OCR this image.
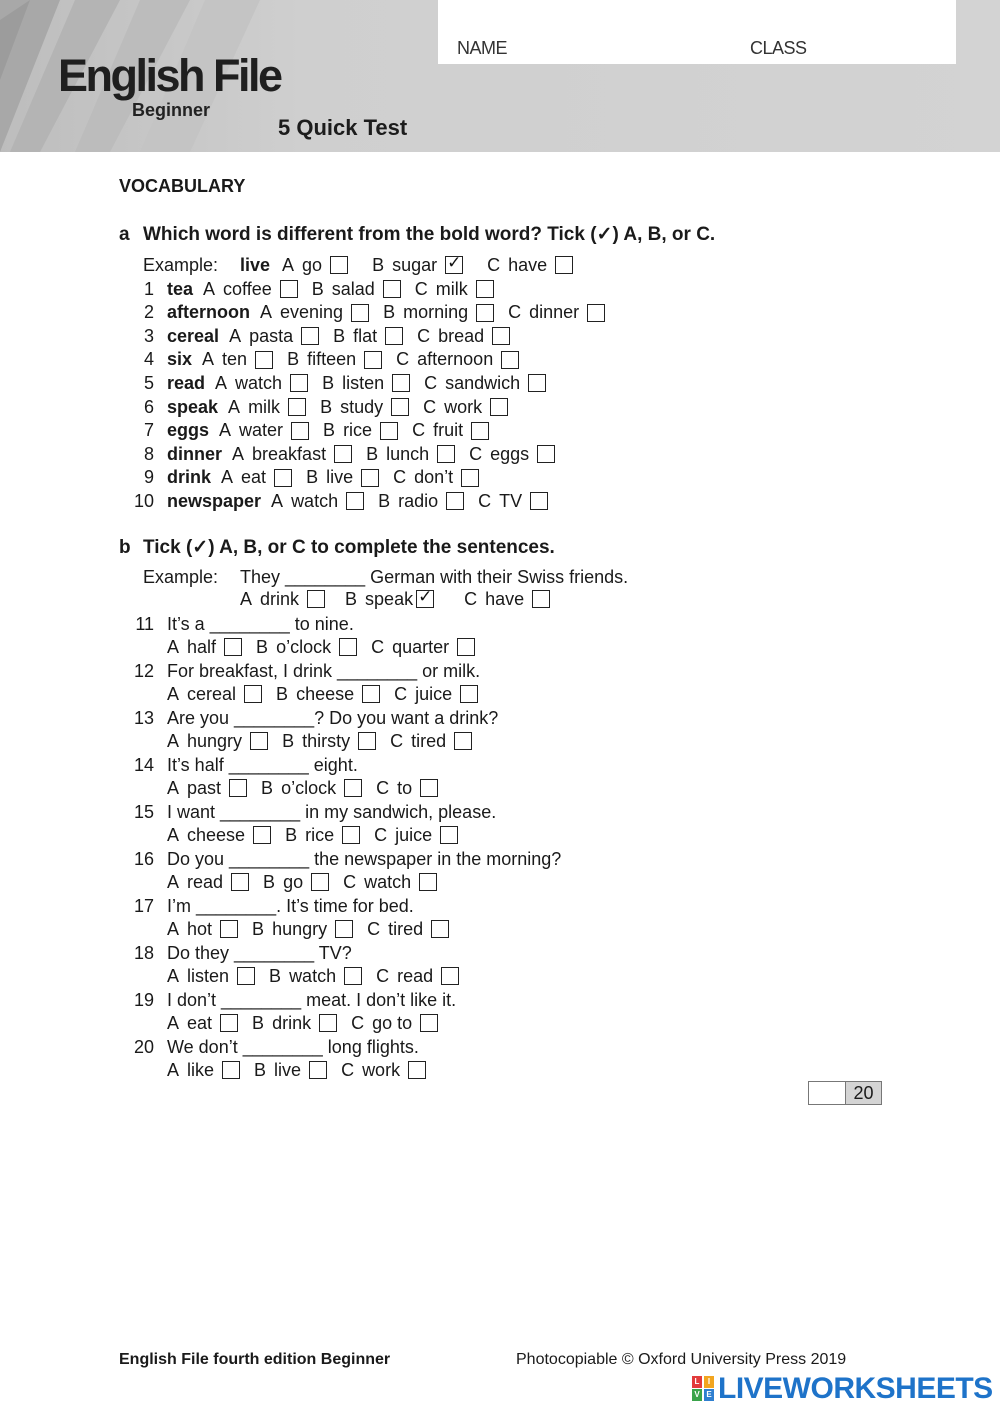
English File
Beginner
5 Quick Test
NAME	CLASS
VOCABULARY
a Which word is different from the bold word? Tick (✓) A, B, or C.
Example:	live A go	B sugar ✓	C have
1 tea A coffee B salad C milk
2 afternoon A evening B morning C dinner
3 cereal A pasta B flat C bread
4 six A ten B fifteen C afternoon
5 read A watch B listen C sandwich
6 speak A milk B study C work
7 eggs A water B rice C fruit
8 dinner A breakfast B lunch C eggs
9 drink A eat B live C don’t
10 newspaper A watch B radio C TV
b Tick (✓) A, B, or C to complete the sentences.
Example:	They ________ German with their Swiss friends.
A drink	B speak ✓	C have
11 It’s a ________ to nine.
A half B o’clock C quarter
12 For breakfast, I drink ________ or milk.
A cereal B cheese C juice
13 Are you ________? Do you want a drink?
A hungry B thirsty C tired
14 It’s half ________ eight.
A past B o’clock C to
15 I want ________ in my sandwich, please.
A cheese B rice C juice
16 Do you ________ the newspaper in the morning?
A read B go C watch
17 I’m ________. It’s time for bed.
A hot B hungry C tired
18 Do they ________ TV?
A listen B watch C read
19 I don’t ________ meat. I don’t like it.
A eat B drink C go to
20 We don’t ________ long flights.
A like B live C work
20
English File fourth edition Beginner	Photocopiable © Oxford University Press 2019
L	I
V E LIVEWORKSHEETS
